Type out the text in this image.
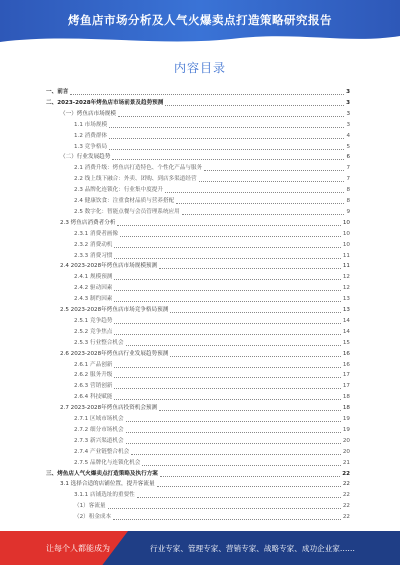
烤鱼店市场分析及人气火爆卖点打造策略研究报告
内容目录
一、前言	3
二、2023-2028年烤鱼店市场前景及趋势预测	3
（一）烤鱼店市场规模	3
1.1 市场规模	3
1.2 消费群体	4
1.3 竞争格局	5
（二）行业发展趋势	6
2.1 消费升级：烤鱼店打造特色、个性化产品与服务	7
2.2 线上线下融合：外卖、团购、到店多渠道经营	7
2.3 品牌化连锁化：行业集中度提升	8
2.4 健康饮食：注重食材品质与营养搭配	8
2.5 数字化：智能点餐与会员管理系统应用	9
2.3 烤鱼店消费者分析	10
2.3.1 消费者画像	10
2.3.2 消费动机	10
2.3.3 消费习惯	11
2.4 2023-2028年烤鱼店市场规模预测	11
2.4.1 规模预测	12
2.4.2 驱动因素	12
2.4.3 制约因素	13
2.5 2023-2028年烤鱼店市场竞争格局预测	13
2.5.1 竞争趋势	14
2.5.2 竞争焦点	14
2.5.3 行业整合机会	15
2.6 2023-2028年烤鱼店行业发展趋势预测	16
2.6.1 产品创新	16
2.6.2 服务升级	17
2.6.3 营销创新	17
2.6.4 科技赋能	18
2.7 2023-2028年烤鱼店投资机会预测	18
2.7.1 区域市场机会	19
2.7.2 细分市场机会	19
2.7.3 新兴渠道机会	20
2.7.4 产业链整合机会	20
2.7.5 品牌化与连锁化机会	21
三、烤鱼店人气火爆卖点打造策略及执行方案	22
3.1 选择合适的店铺位置，提升客流量	22
3.1.1 店铺选址的重要性	22
（1）客流量	22
（2）租金成本	22
让每个人都能成为	行业专家、管理专家、营销专家、战略专家、成功企业家……
